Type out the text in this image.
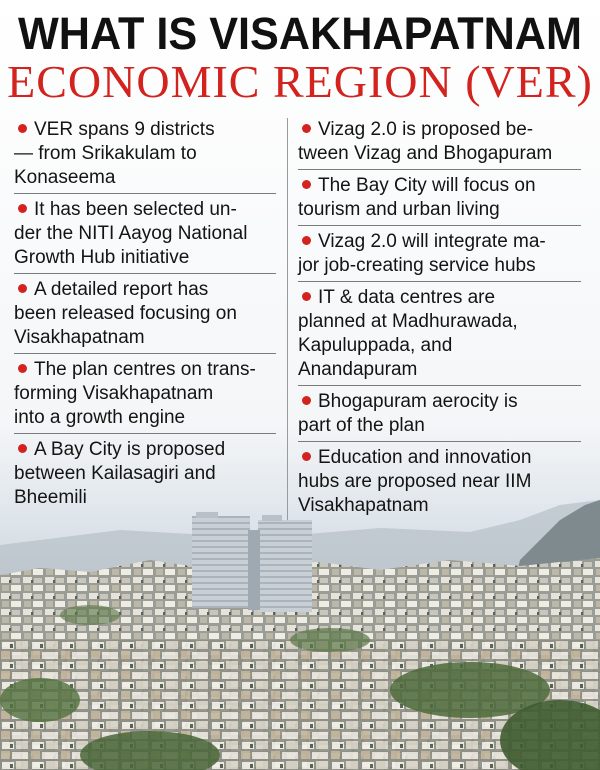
WHAT IS VISAKHAPATNAM
ECONOMIC REGION (VER)
VER spans 9 districts
— from Srikakulam to
Konaseema
It has been selected un-
der the NITI Aayog National
Growth Hub initiative
A detailed report has
been released focusing on
Visakhapatnam
The plan centres on trans-
forming Visakhapatnam
into a growth engine
A Bay City is proposed
between Kailasagiri and
Bheemili
Vizag 2.0 is proposed be-
tween Vizag and Bhogapuram
The Bay City will focus on
tourism and urban living
Vizag 2.0 will integrate ma-
jor job-creating service hubs
IT & data centres are
planned at Madhurawada,
Kapuluppada, and
Anandapuram
Bhogapuram aerocity is
part of the plan
Education and innovation
hubs are proposed near IIM
Visakhapatnam
